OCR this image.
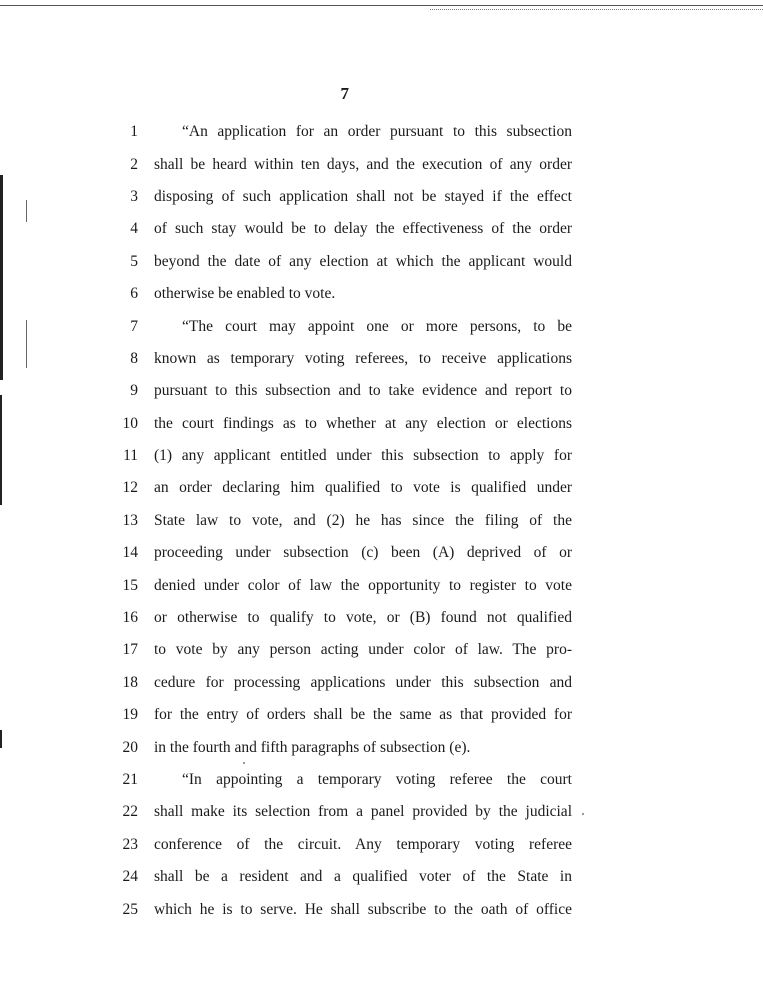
7
1	“An application for an order pursuant to this subsection
2 shall be heard within ten days, and the execution of any order
3 disposing of such application shall not be stayed if the effect
4 of such stay would be to delay the effectiveness of the order
5 beyond the date of any election at which the applicant would
6 otherwise be enabled to vote.
7	“The court may appoint one or more persons, to be
8 known as temporary voting referees, to receive applications
9 pursuant to this subsection and to take evidence and report to
10 the court findings as to whether at any election or elections
11 (1) any applicant entitled under this subsection to apply for
12 an order declaring him qualified to vote is qualified under
13 State law to vote, and (2) he has since the filing of the
14 proceeding under subsection (c) been (A) deprived of or
15 denied under color of law the opportunity to register to vote
16 or otherwise to qualify to vote, or (B) found not qualified
17 to vote by any person acting under color of law. The pro-
18 cedure for processing applications under this subsection and
19 for the entry of orders shall be the same as that provided for
20 in the fourth and fifth paragraphs of subsection (e).
21	“In appointing a temporary voting referee the court
22 shall make its selection from a panel provided by the judicial
23 conference of the circuit. Any temporary voting referee
24 shall be a resident and a qualified voter of the State in
25 which he is to serve. He shall subscribe to the oath of office
